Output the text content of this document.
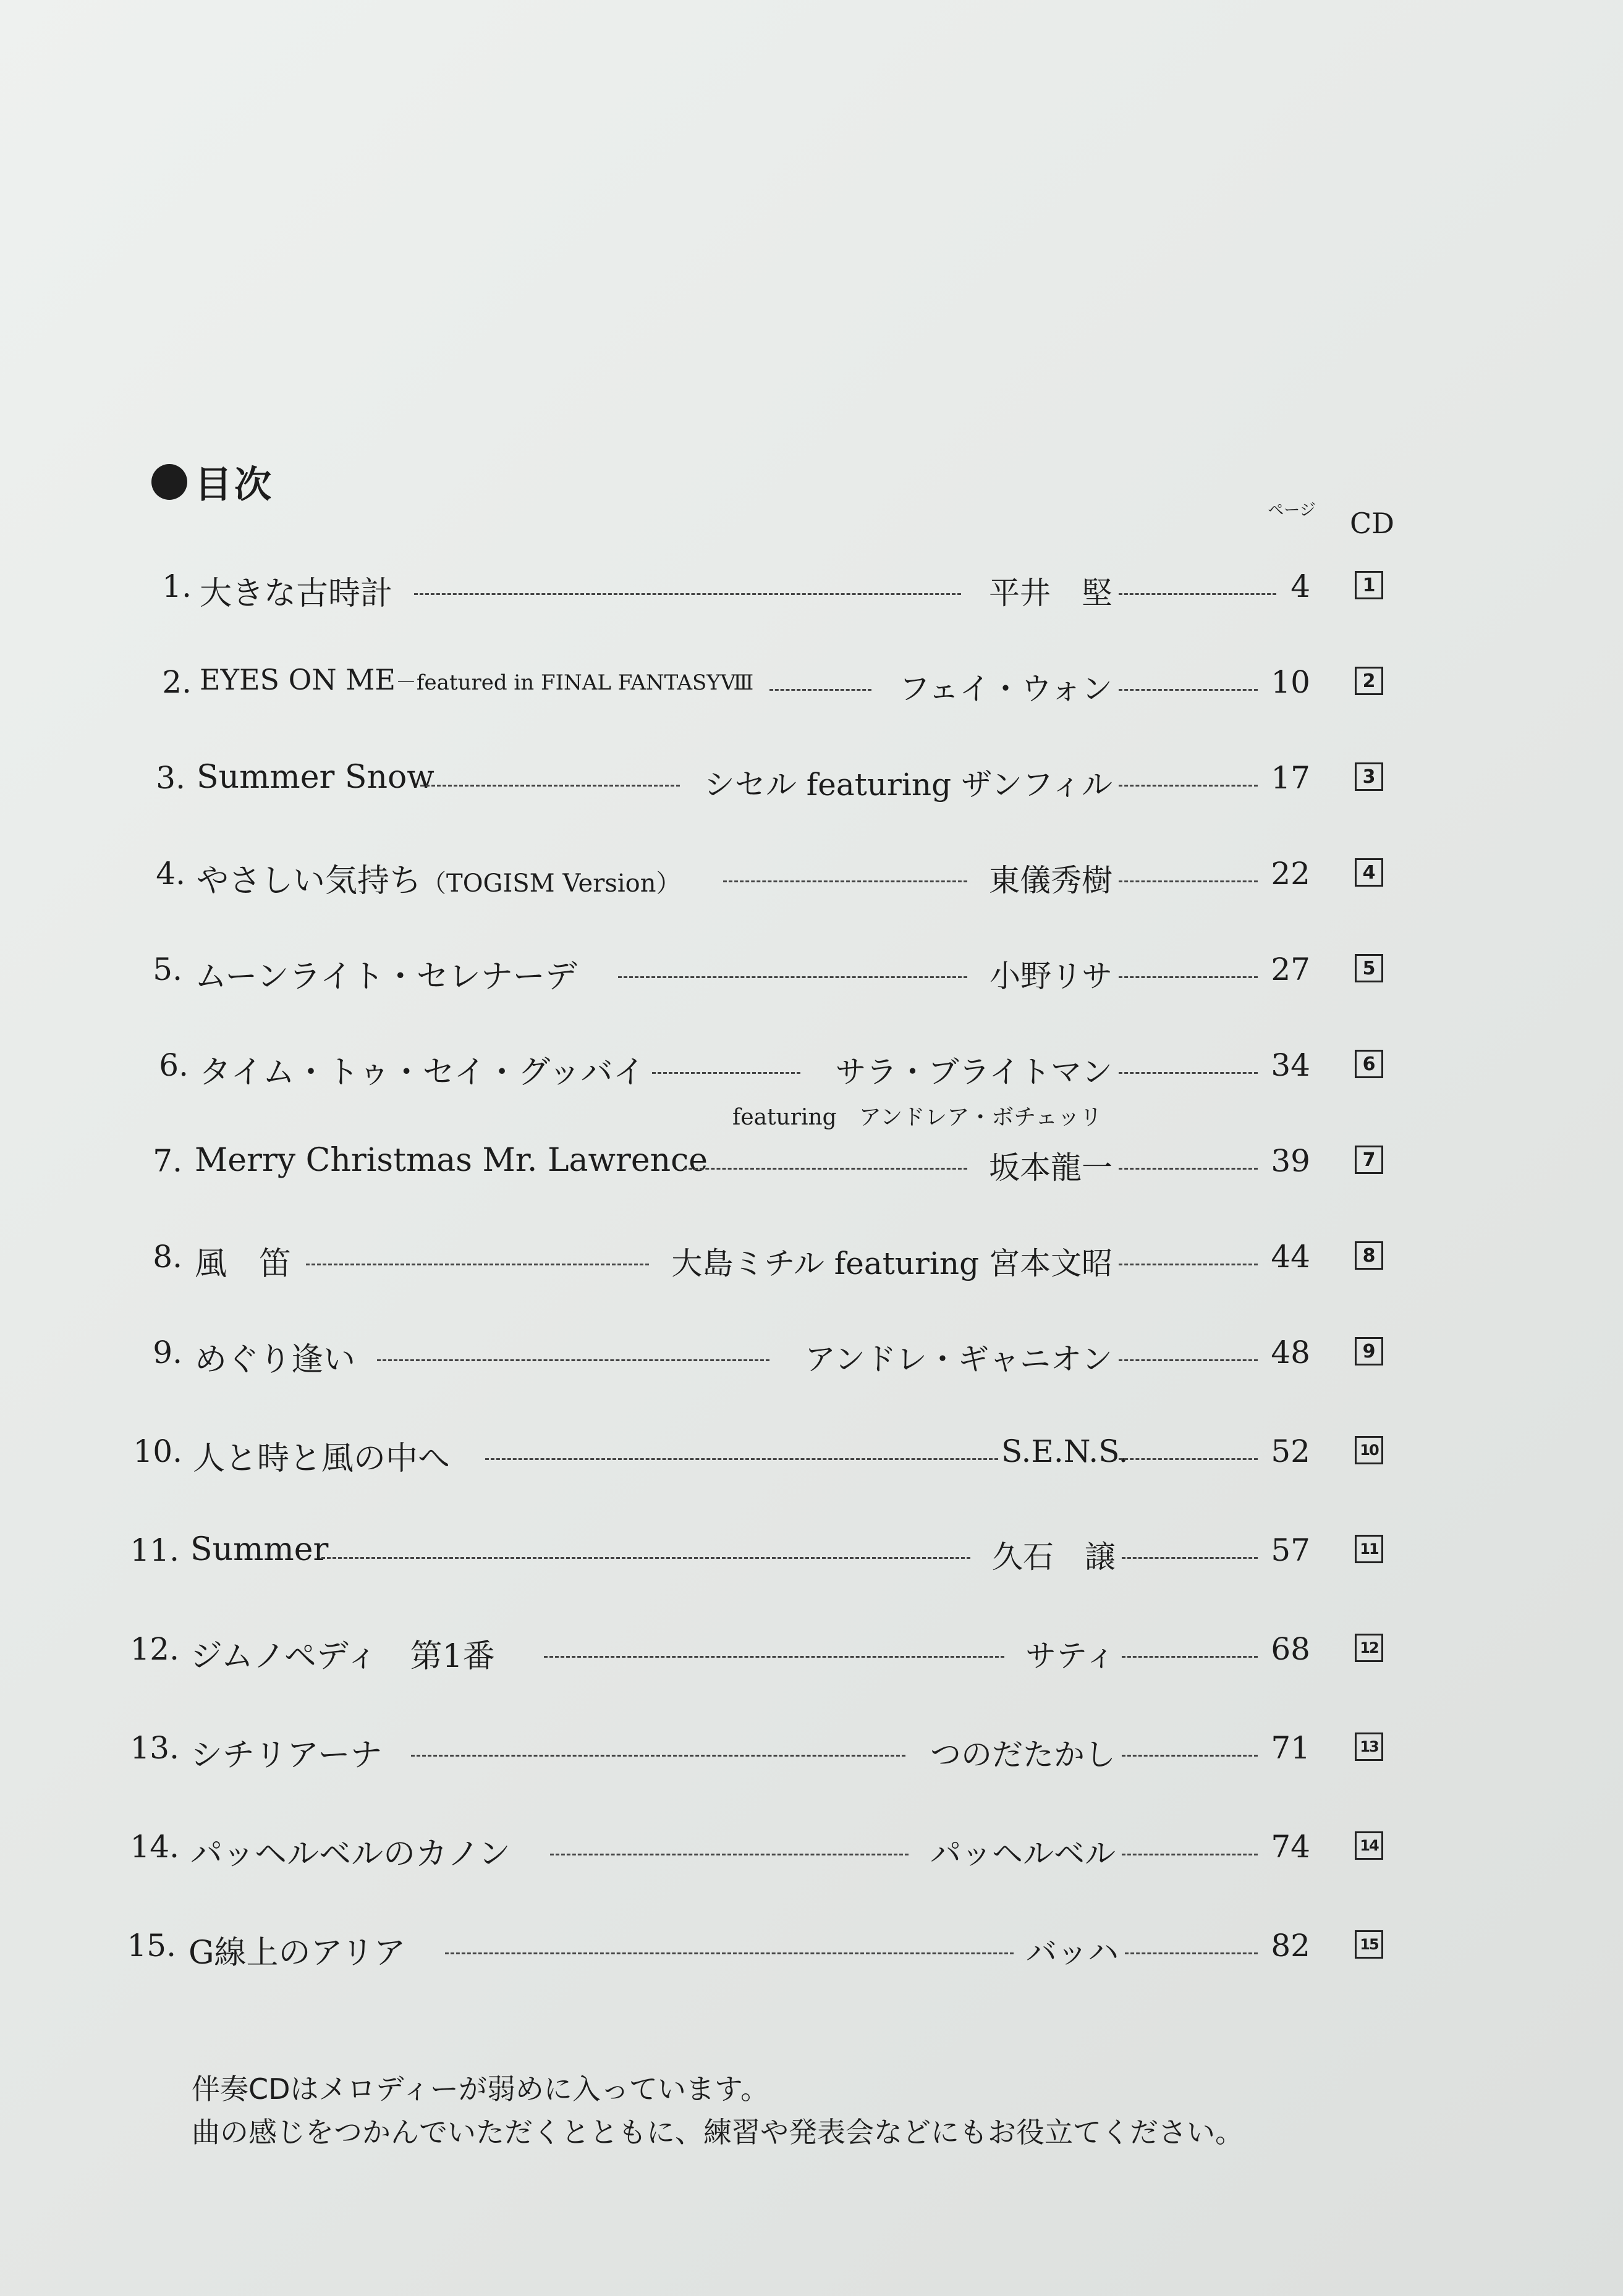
目次
ページ	CD
1. 大きな古時計	平井　堅	4	1
2. EYES ON ME－featured in FINAL FANTASYⅧ	フェイ・ウォン	10	2
3. Summer Snow	シセル featuring ザンフィル	17	3
4. やさしい気持ち（TOGISM Version）	東儀秀樹	22	4
5. ムーンライト・セレナーデ	小野リサ	27	5
6. タイム・トゥ・セイ・グッバイ	サラ・ブライトマン	34	6
featuring　アンドレア・ボチェッリ
7. Merry Christmas Mr. Lawrence	坂本龍一	39	7
8. 風　笛	大島ミチル featuring 宮本文昭	44	8
9. めぐり逢い	アンドレ・ギャニオン	48	9
10. 人と時と風の中へ	S.E.N.S.	52	10
11. Summer	久石　譲	57	11
12. ジムノペディ　第1番	サティ	68	12
13. シチリアーナ	つのだたかし	71	13
14. パッヘルベルのカノン	パッヘルベル	74	14
15. G線上のアリア	バッハ	82	15
伴奏CDはメロディーが弱めに入っています。
曲の感じをつかんでいただくとともに、練習や発表会などにもお役立てください。
